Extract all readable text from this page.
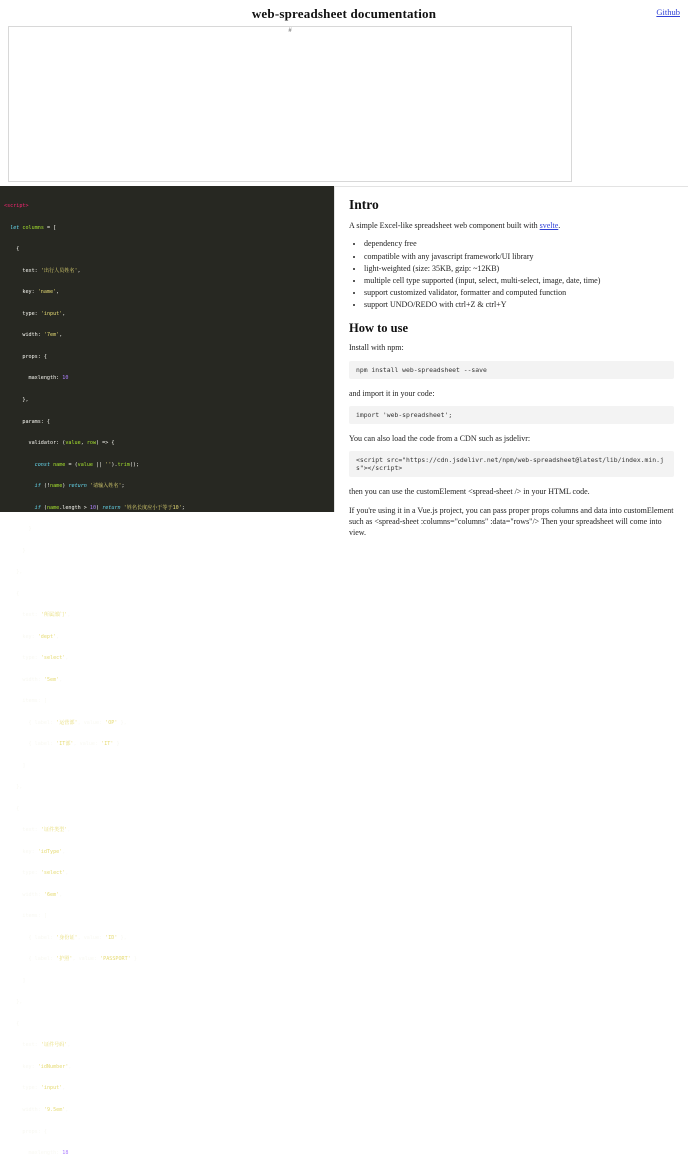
web-spreadsheet documentation	Github
#

<script>

let columns = [

{

text: '出行人员姓名',

key: 'name',

type: 'input',

width: '7em',

props: {

maxlength: 10

},

params: {

validator: (value, row) => {

const name = (value || '').trim();

if (!name) return '请输入姓名';

if (name.length > 10) return '姓名长度应小于等于10';

}

}

},

{

text: '所属部门',

key: 'dept',

type: 'select',

width: '5em',

items: [

{ label: '运营部', value: 'OP' },

{ label: 'IT部', value: 'IT' }

]

},

{

text: '证件类型',

key: 'idType',

type: 'select',

width: '6em',

items: [

{ label: '身份证', value: 'ID' },

{ label: '护照', value: 'PASSPORT' }

]

},

{

text: '证件号码',

key: 'idNumber',

type: 'input',

width: '9.5em',

props: {

maxlength: 18

Intro

A simple Excel-like spreadsheet web component built with svelte.

• dependency free
• compatible with any javascript framework/UI library
• light-weighted (size: 35KB, gzip: ~12KB)
• multiple cell type supported (input, select, multi-select, image, date, time)
• support customized validator, formatter and computed function
• support UNDO/REDO with ctrl+Z & ctrl+Y
How to use

Install with npm:

npm install web-spreadsheet --save

and import it in your code:

import 'web-spreadsheet';

You can also load the code from a CDN such as jsdelivr:

<script src="https://cdn.jsdelivr.net/npm/web-spreadsheet@latest/lib/index.min.js"></script>

then you can use the customElement <spread-sheet /> in your HTML code.

If you're using it in a Vue.js project, you can pass proper props columns and data into customElement such as <spread-sheet :columns="columns" :data="rows"/> Then your spreadsheet will come into view.
